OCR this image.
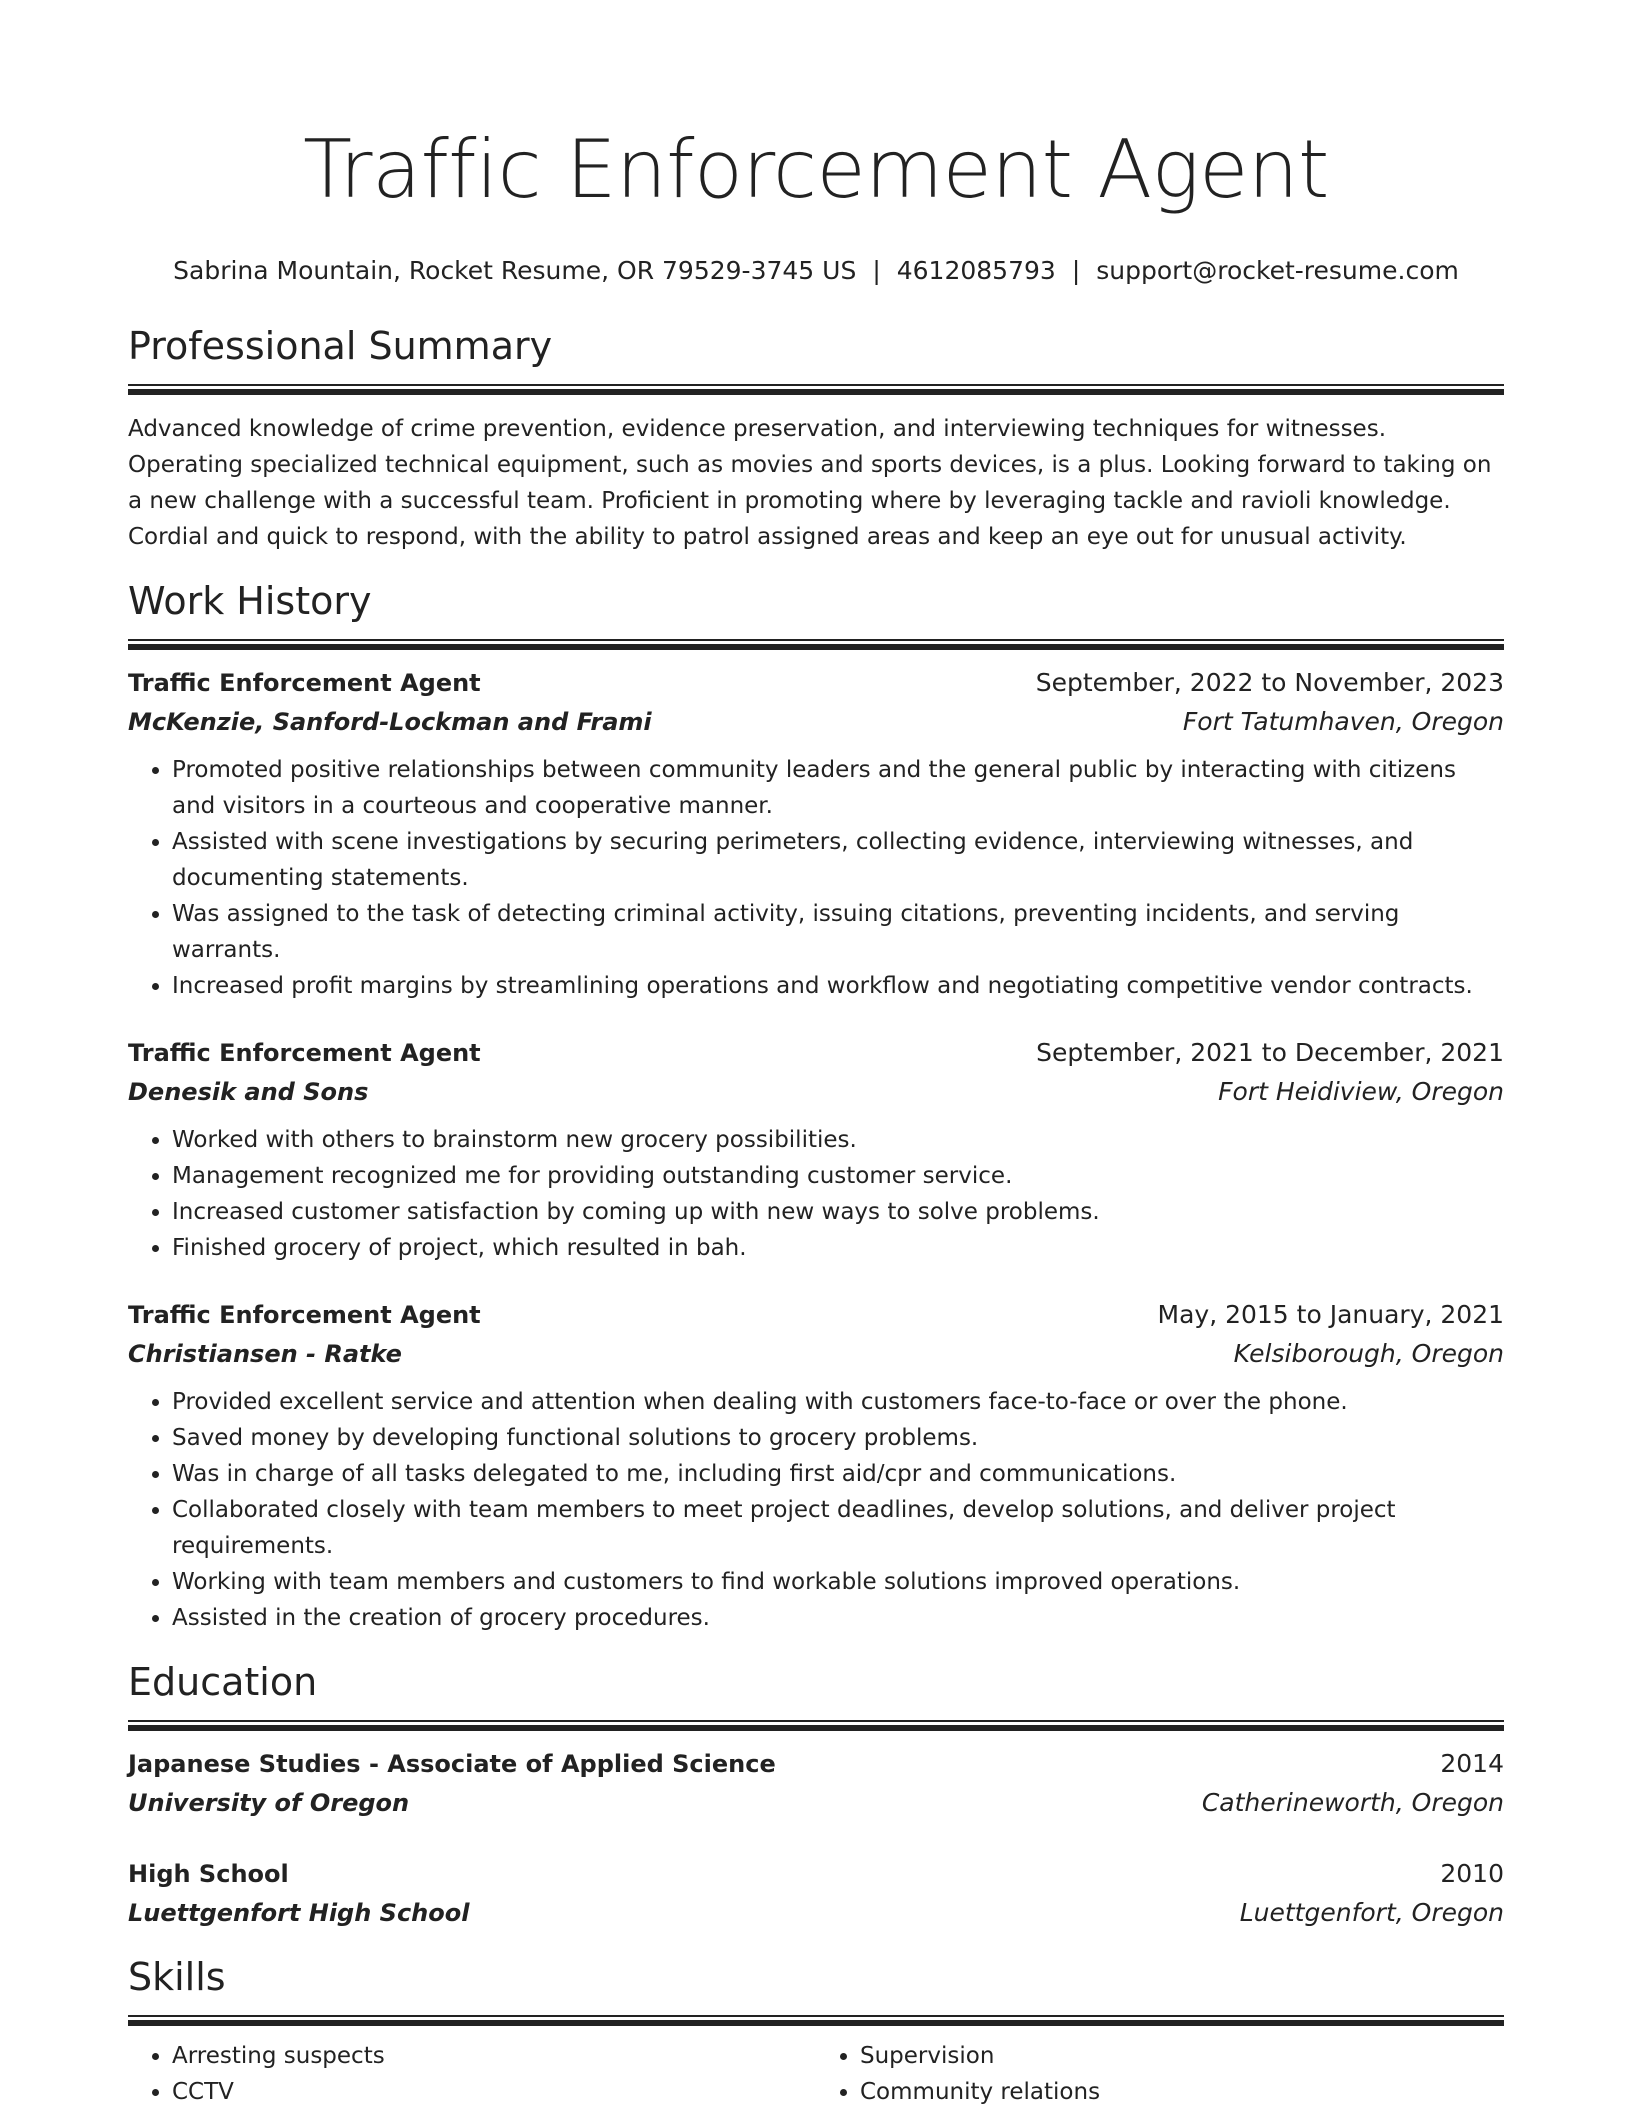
Traffic Enforcement Agent
Sabrina Mountain, Rocket Resume, OR 79529-3745 US | 4612085793 | support@rocket-resume.com
Professional Summary

Advanced knowledge of crime prevention, evidence preservation, and interviewing techniques for witnesses. Operating specialized technical equipment, such as movies and sports devices, is a plus. Looking forward to taking on a new challenge with a successful team. Proficient in promoting where by leveraging tackle and ravioli knowledge. Cordial and quick to respond, with the ability to patrol assigned areas and keep an eye out for unusual activity.

Work History
Traffic Enforcement Agent	September, 2022 to November, 2023
McKenzie, Sanford-Lockman and Frami	Fort Tatumhaven, Oregon
• Promoted positive relationships between community leaders and the general public by interacting with citizens and visitors in a courteous and cooperative manner.
• Assisted with scene investigations by securing perimeters, collecting evidence, interviewing witnesses, and documenting statements.
• Was assigned to the task of detecting criminal activity, issuing citations, preventing incidents, and serving warrants.
• Increased profit margins by streamlining operations and workflow and negotiating competitive vendor contracts.
Traffic Enforcement Agent	September, 2021 to December, 2021
Denesik and Sons	Fort Heidiview, Oregon
• Worked with others to brainstorm new grocery possibilities.
• Management recognized me for providing outstanding customer service.
• Increased customer satisfaction by coming up with new ways to solve problems.
• Finished grocery of project, which resulted in bah.
Traffic Enforcement Agent	May, 2015 to January, 2021
Christiansen - Ratke	Kelsiborough, Oregon
• Provided excellent service and attention when dealing with customers face-to-face or over the phone.
• Saved money by developing functional solutions to grocery problems.
• Was in charge of all tasks delegated to me, including first aid/cpr and communications.
• Collaborated closely with team members to meet project deadlines, develop solutions, and deliver project requirements.
• Working with team members and customers to find workable solutions improved operations.
• Assisted in the creation of grocery procedures.
Education
Japanese Studies - Associate of Applied Science	2014
University of Oregon	Catherineworth, Oregon
High School	2010
Luettgenfort High School	Luettgenfort, Oregon
Skills
• Arresting suspects
• CCTV
• Supervision
• Community relations
